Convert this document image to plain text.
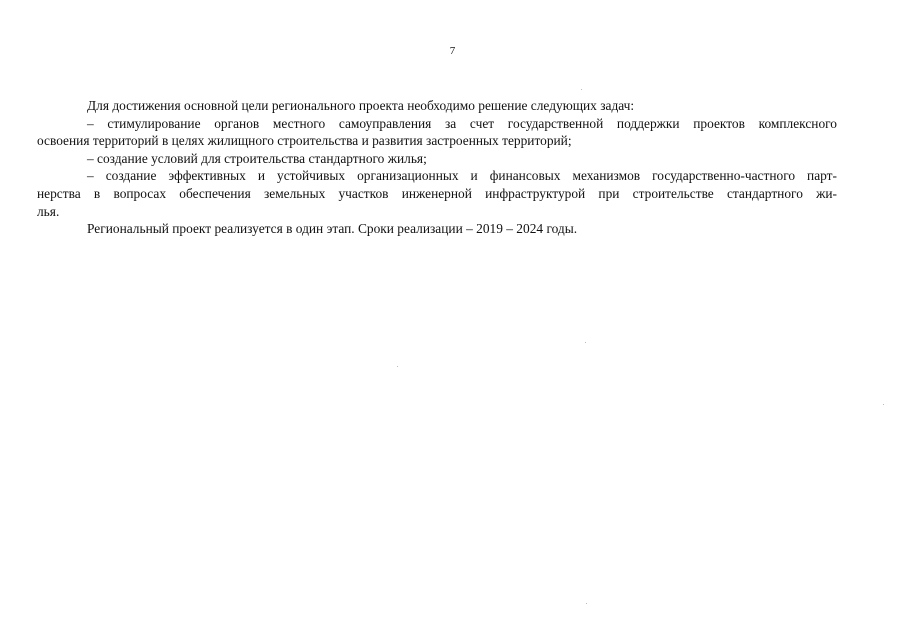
7
Для достижения основной цели регионального проекта необходимо решение следующих задач:
– стимулирование органов местного самоуправления за счет государственной поддержки проектов комплексного
освоения территорий в целях жилищного строительства и развития застроенных территорий;
– создание условий для строительства стандартного жилья;
– создание эффективных и устойчивых организационных и финансовых механизмов государственно-частного парт-
нерства в вопросах обеспечения земельных участков инженерной инфраструктурой при строительстве стандартного жи-
лья.
Региональный проект реализуется в один этап. Сроки реализации – 2019 – 2024 годы.
